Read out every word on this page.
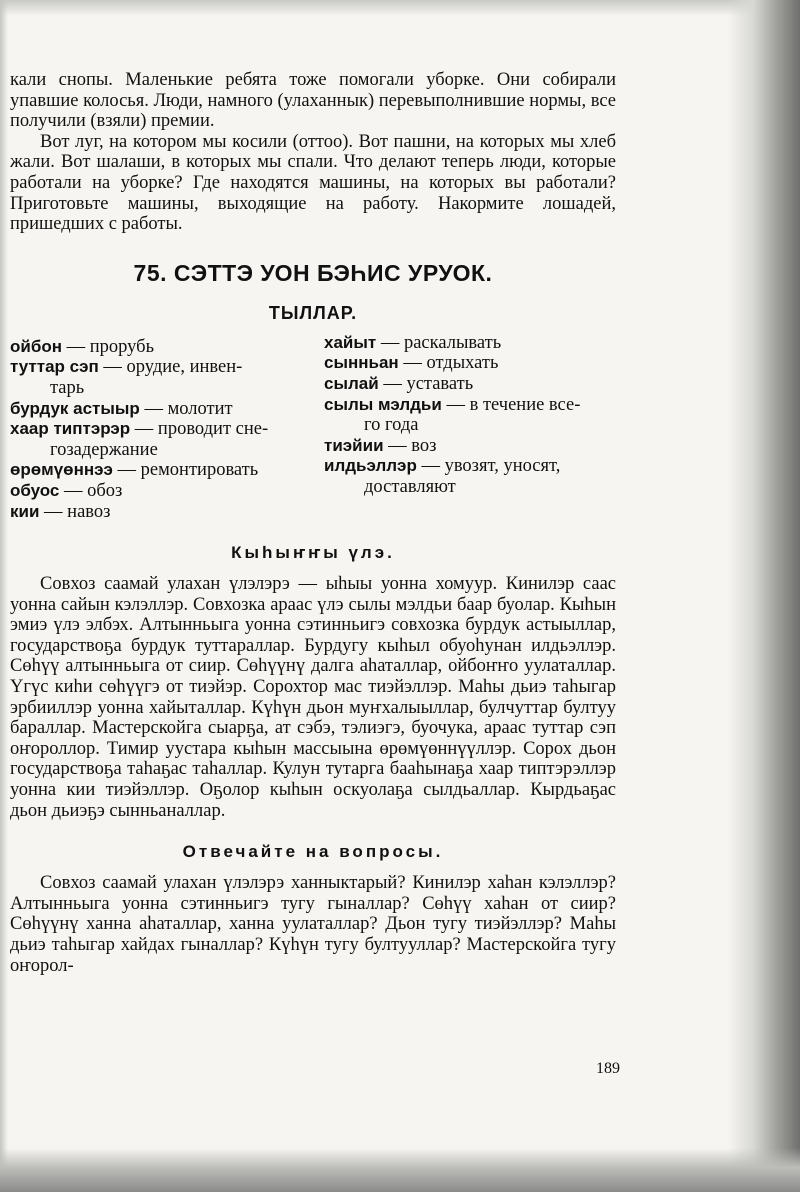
кали снопы. Маленькие ребята тоже помогали уборке. Они собирали упавшие колосья. Люди, намного (улаханнык) перевыполнившие нормы, все получили (взяли) премии.

Вот луг, на котором мы косили (оттоо). Вот пашни, на которых мы хлеб жали. Вот шалаши, в которых мы спали. Что делают теперь люди, которые работали на уборке? Где находятся машины, на которых вы работали? Приготовьте машины, выходящие на работу. Накормите лошадей, пришедших с работы.

75. СЭТТЭ УОН БЭҺИС УРУОК.
ТЫЛЛАР.

ойбон — прорубь

туттар сэп — орудие, инвен-
тарь

бурдук астыыр — молотит

хаар типтэрэр — проводит сне-
гозадержание

өрөмүөннээ — ремонтировать

обуос — обоз

кии — навоз

хайыт — раскалывать

сынньан — отдыхать

сылай — уставать

сылы мэлдьи — в течение все-
го года

тиэйии — воз

илдьэллэр — увозят, уносят,
доставляют

Кыһыҥҥы үлэ.

Совхоз саамай улахан үлэлэрэ — ыһыы уонна хомуур. Кинилэр саас уонна сайын кэлэллэр. Совхозка араас үлэ сылы мэлдьи баар буолар. Кыһын эмиэ үлэ элбэх. Алтынньыга уонна сэтинньигэ совхозка бурдук астыыллар, государствоҕа бурдук туттараллар. Бурдугу кыһыл обуоһунан илдьэллэр. Сөһүү алтынньыга от сиир. Сөһүүнү далга аһаталлар, ойбоҥҥо уулаталлар. Үгүс киһи сөһүүгэ от тиэйэр. Сорохтор мас тиэйэллэр. Маһы дьиэ таһыгар эрбииллэр уонна хайыталлар. Күһүн дьон муҥхалыыллар, булчуттар бултуу бараллар. Мастерскойга сыарҕа, ат сэбэ, тэлиэгэ, буочука, араас туттар сэп оҥороллор. Тимир уустара кыһын массыына өрөмүөннүүллэр. Сорох дьон государствоҕа таһаҕас таһаллар. Кулун тутарга бааһынаҕа хаар типтэрэллэр уонна кии тиэйэллэр. Оҕолор кыһын оскуолаҕа сылдьаллар. Кырдьаҕас дьон дьиэҕэ сынньаналлар.

Отвечайте на вопросы.

Совхоз саамай улахан үлэлэрэ ханныктарый? Кинилэр хаһан кэлэллэр? Алтынньыга уонна сэтинньигэ тугу гыналлар? Сөһүү хаһан от сиир? Сөһүүнү ханна аһаталлар, ханна уулаталлар? Дьон тугу тиэйэллэр? Маһы дьиэ таһыгар хайдах гыналлар? Күһүн тугу бултууллар? Мастерскойга тугу оҥорол-

189
